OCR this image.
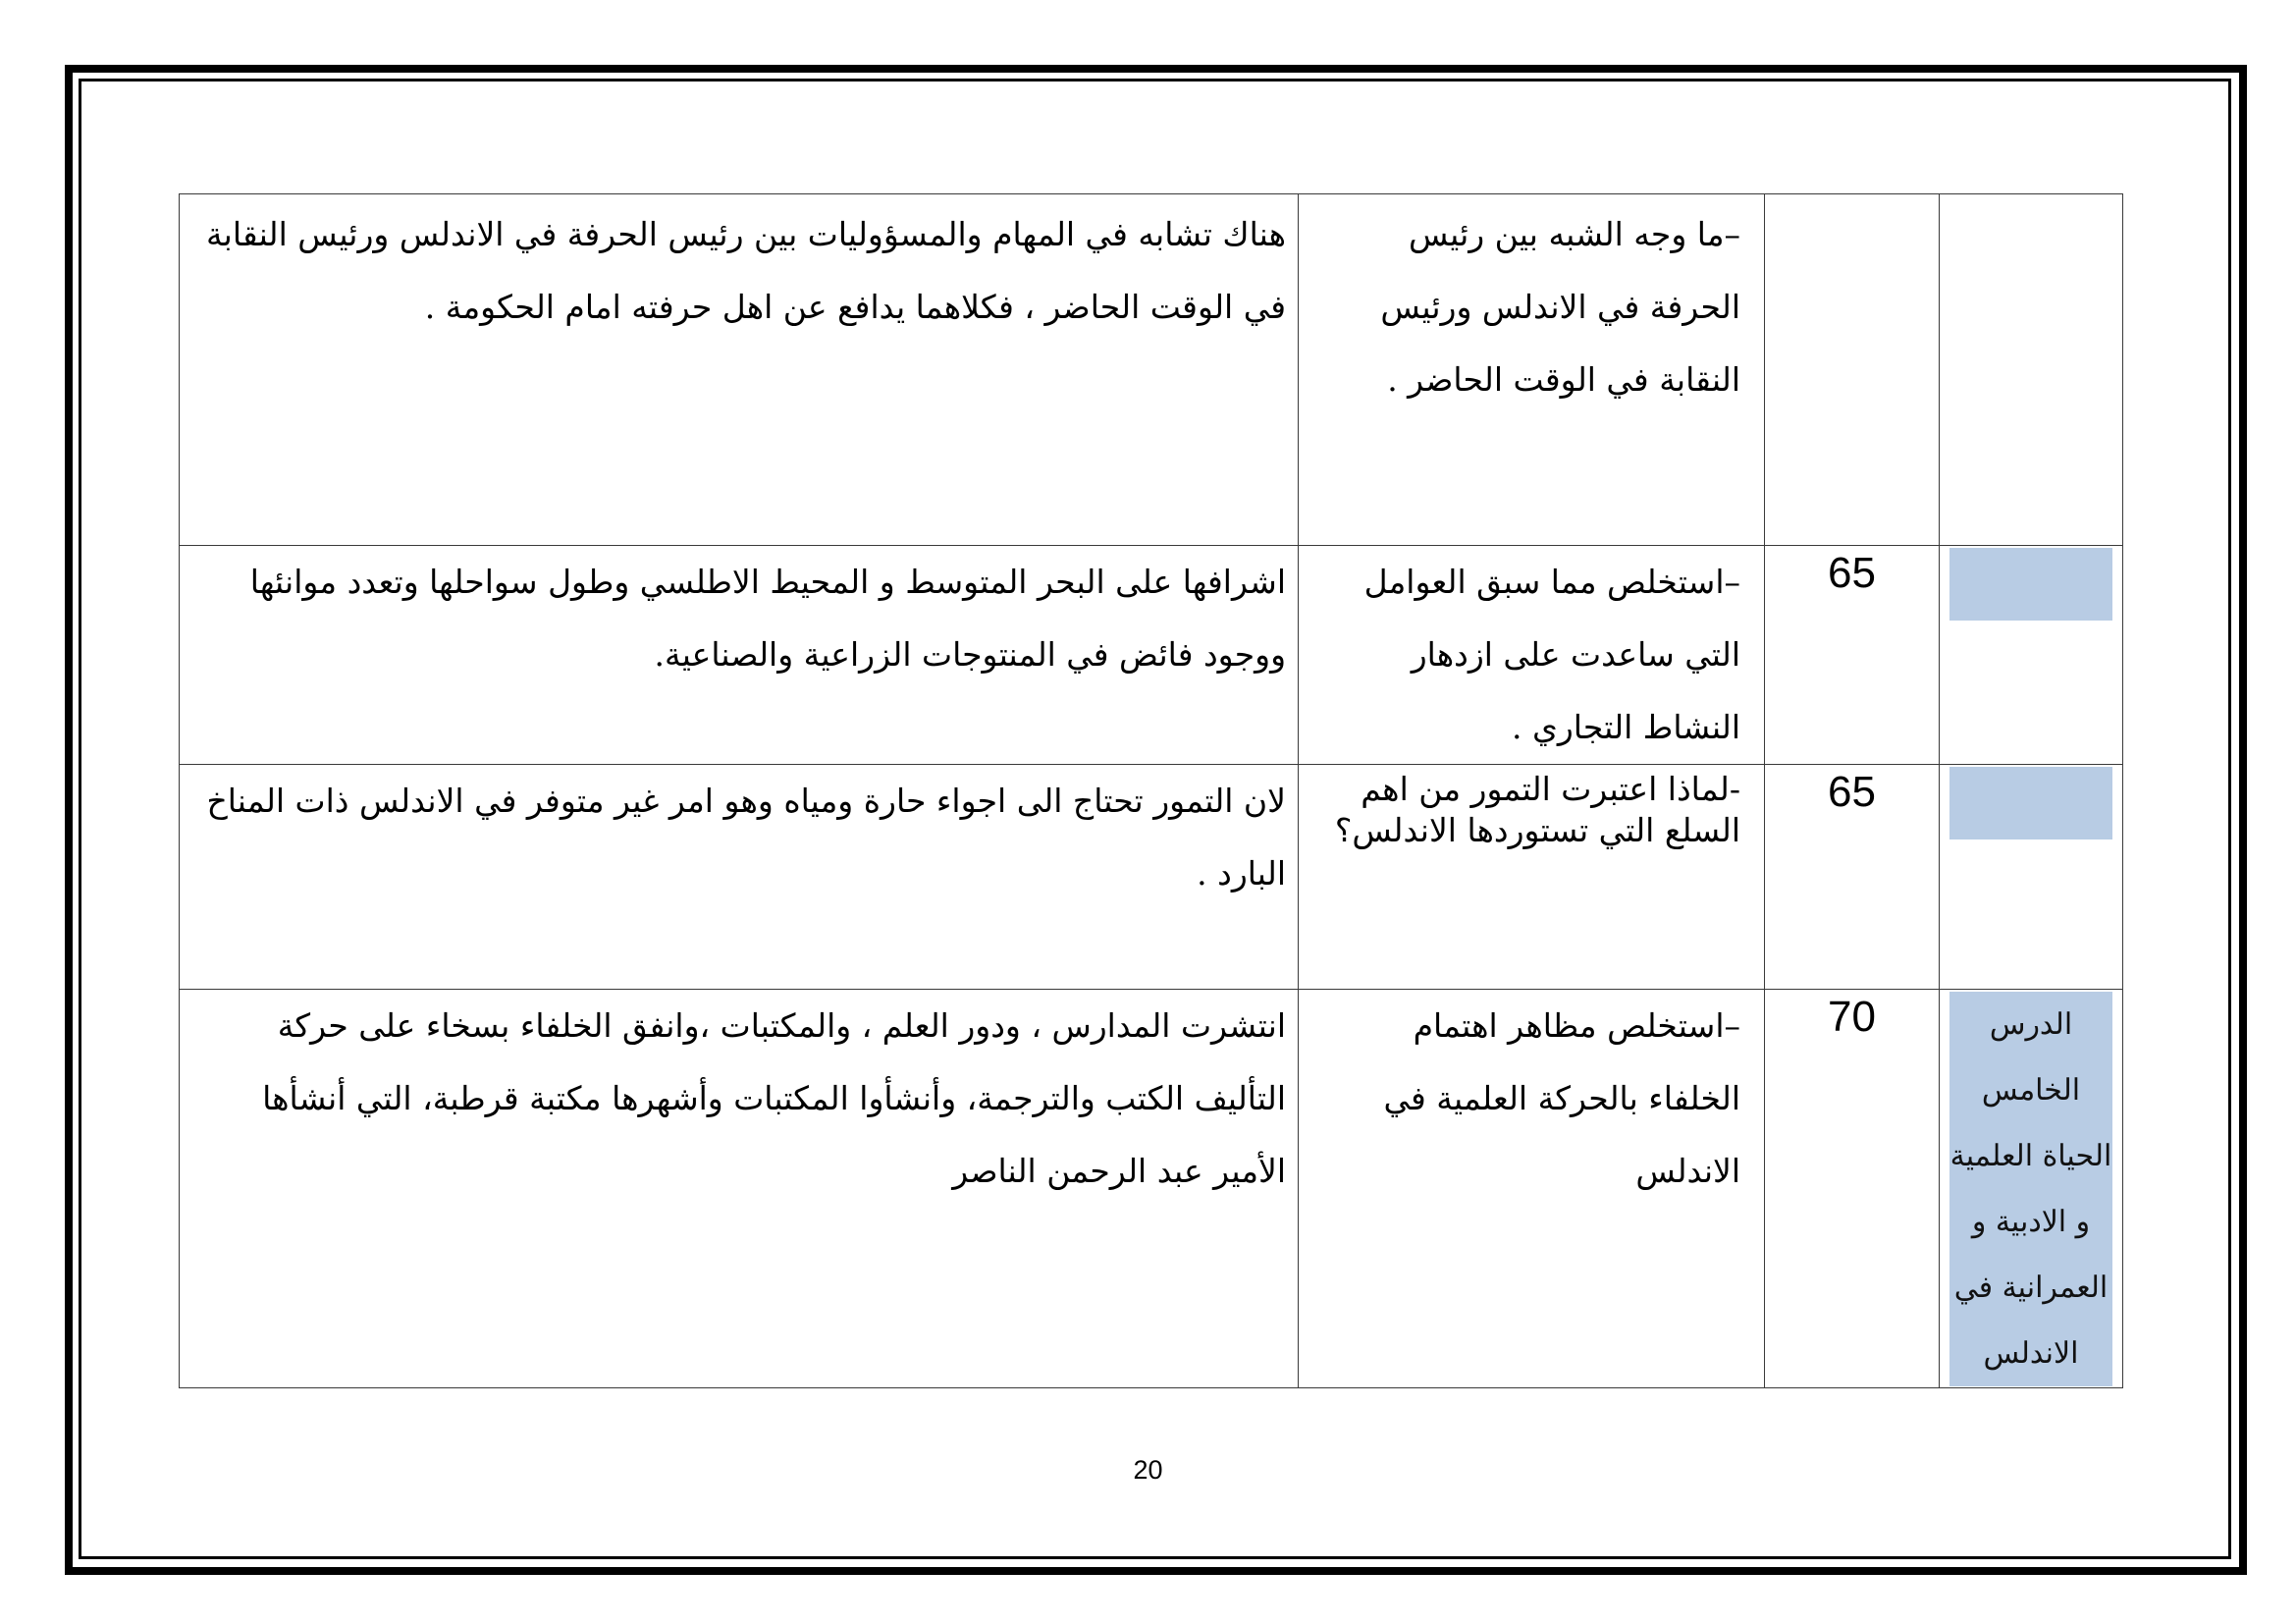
		–ما وجه الشبه بين رئيس الحرفة في الاندلس ورئيس النقابة في الوقت الحاضر .	هناك تشابه في المهام والمسؤوليات بين رئيس الحرفة في الاندلس ورئيس النقابة في الوقت الحاضر ، فكلاهما يدافع عن اهل حرفته امام الحكومة .

	65	–استخلص مما سبق العوامل التي ساعدت على ازدهار النشاط التجاري .	اشرافها على البحر المتوسط و المحيط الاطلسي وطول سواحلها وتعدد موانئها ووجود فائض في المنتوجات الزراعية والصناعية.

	65	-لماذا اعتبرت التمور من اهم السلع التي تستوردها الاندلس؟	لان التمور تحتاج الى اجواء حارة ومياه وهو امر غير متوفر في الاندلس ذات المناخ البارد .

الدرس الخامس الحياة العلمية و الادبية و العمرانية في الاندلس	70	–استخلص مظاهر اهتمام الخلفاء بالحركة العلمية في الاندلس	انتشرت المدارس ، ودور العلم ، والمكتبات ،وانفق الخلفاء بسخاء على حركة التأليف الكتب والترجمة، وأنشأوا المكتبات وأشهرها مكتبة قرطبة، التي أنشأها الأمير عبد الرحمن الناصر
20
